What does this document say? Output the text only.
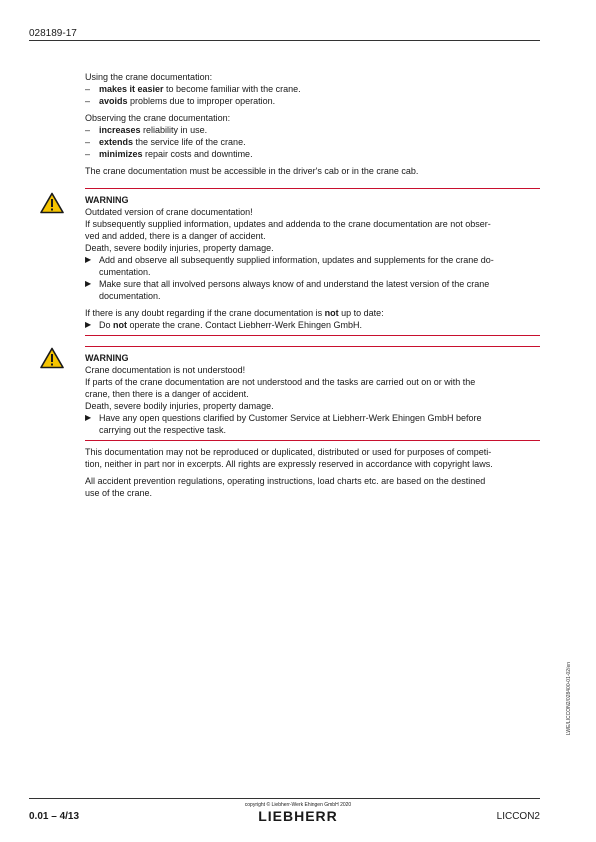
028189-17

Using the crane documentation:

– makes it easier to become familiar with the crane.
– avoids problems due to improper operation.

Observing the crane documentation:

– increases reliability in use.
– extends the service life of the crane.
– minimizes repair costs and downtime.

The crane documentation must be accessible in the driver's cab or in the crane cab.

WARNING

Outdated version of crane documentation!

If subsequently supplied information, updates and addenda to the crane documentation are not obser-

ved and added, there is a danger of accident.

Death, severe bodily injuries, property damage.

▶ Add and observe all subsequently supplied information, updates and supplements for the crane do-
cumentation.
▶ Make sure that all involved persons always know of and understand the latest version of the crane
documentation.

If there is any doubt regarding if the crane documentation is not up to date:

▶ Do not operate the crane. Contact Liebherr-Werk Ehingen GmbH.

WARNING

Crane documentation is not understood!

If parts of the crane documentation are not understood and the tasks are carried out on or with the

crane, then there is a danger of accident.

Death, severe bodily injuries, property damage.

▶ Have any open questions clarified by Customer Service at Liebherr-Werk Ehingen GmbH before
carrying out the respective task.

This documentation may not be reproduced or duplicated, distributed or used for purposes of competi-

tion, neither in part nor in excerpts. All rights are expressly reserved in accordance with copyright laws.

All accident prevention regulations, operating instructions, load charts etc. are based on the destined

use of the crane.

LWE/LICCON2/028400-01-02/en
0.01 – 4/13
copyright © Liebherr-Werk Ehingen GmbH 2020
LIEBHERR	LICCON2
